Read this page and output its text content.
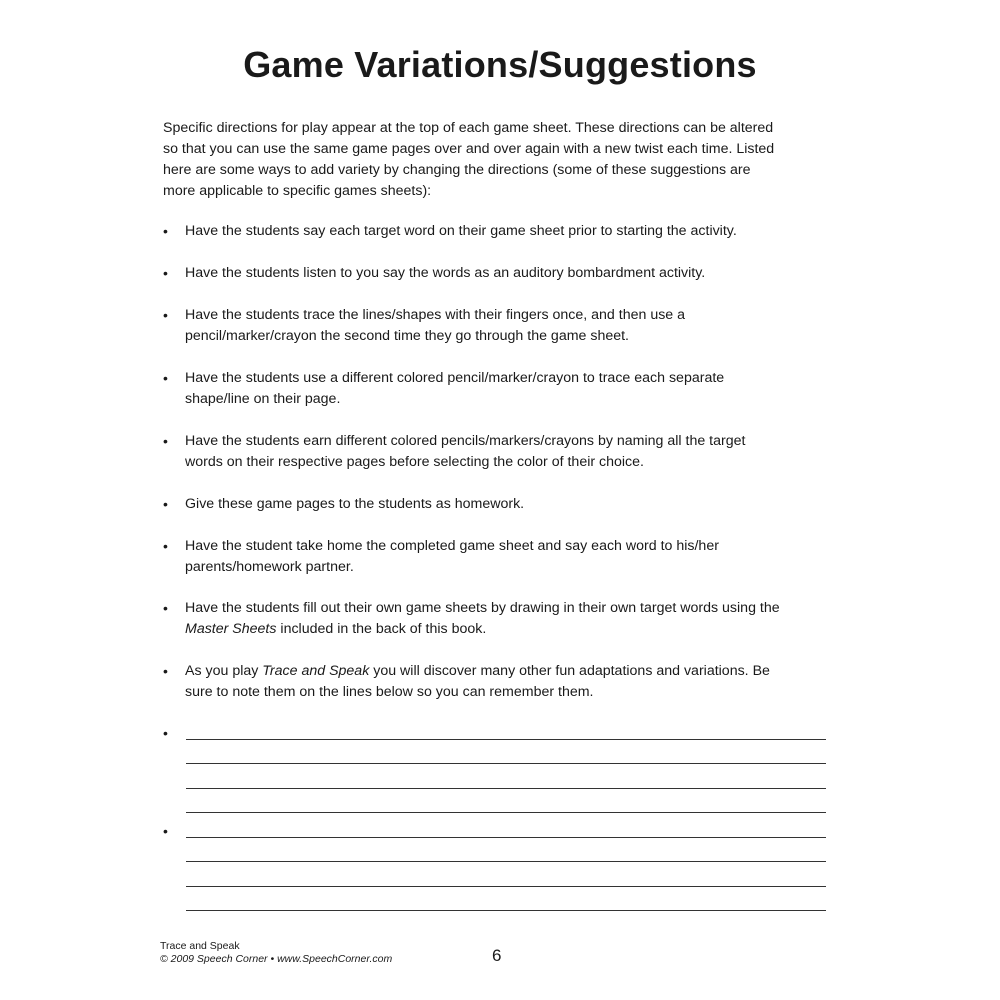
Game Variations/Suggestions
Specific directions for play appear at the top of each game sheet. These directions can be altered
so that you can use the same game pages over and over again with a new twist each time. Listed
here are some ways to add variety by changing the directions (some of these suggestions are
more applicable to specific games sheets):
•	Have the students say each target word on their game sheet prior to starting the activity.
•	Have the students listen to you say the words as an auditory bombardment activity.
•	Have the students trace the lines/shapes with their fingers once, and then use a
pencil/marker/crayon the second time they go through the game sheet.
•	Have the students use a different colored pencil/marker/crayon to trace each separate
shape/line on their page.
•	Have the students earn different colored pencils/markers/crayons by naming all the target
words on their respective pages before selecting the color of their choice.
•	Give these game pages to the students as homework.
•	Have the student take home the completed game sheet and say each word to his/her
parents/homework partner.
•	Have the students fill out their own game sheets by drawing in their own target words using the
Master Sheets included in the back of this book.
•	As you play Trace and Speak you will discover many other fun adaptations and variations. Be
sure to note them on the lines below so you can remember them.
•
•
Trace and Speak
© 2009 Speech Corner • www.SpeechCorner.com	6
